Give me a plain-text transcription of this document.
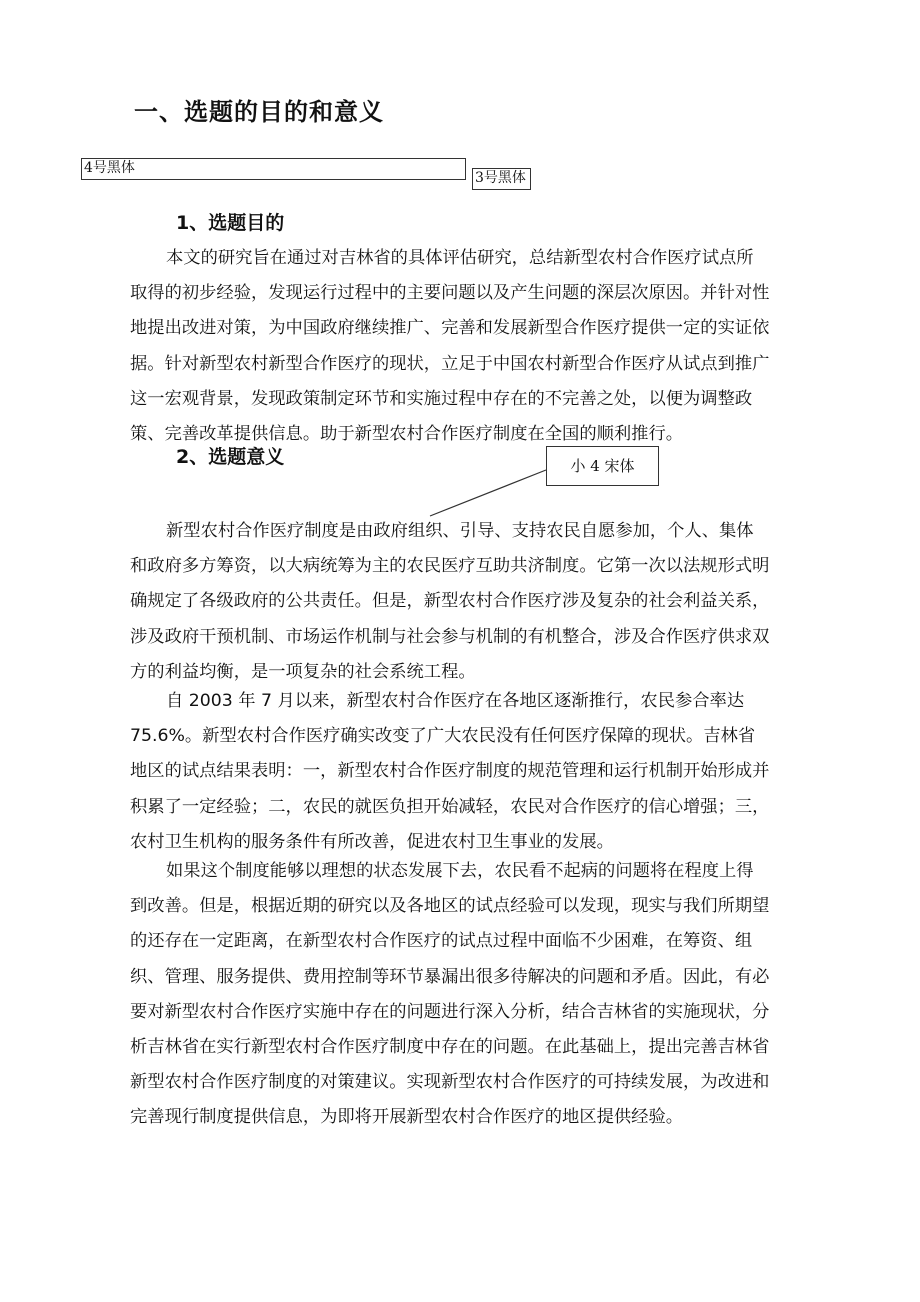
一、选题的目的和意义
4号黑体
3号黑体
1、选题目的

本文的研究旨在通过对吉林省的具体评估研究，总结新型农村合作医疗试点所取得的初步经验，发现运行过程中的主要问题以及产生问题的深层次原因。并针对性地提出改进对策，为中国政府继续推广、完善和发展新型合作医疗提供一定的实证依据。针对新型农村新型合作医疗的现状，立足于中国农村新型合作医疗从试点到推广这一宏观背景，发现政策制定环节和实施过程中存在的不完善之处，以便为调整政策、完善改革提供信息。助于新型农村合作医疗制度在全国的顺利推行。

2、选题意义	小 4 宋体

新型农村合作医疗制度是由政府组织、引导、支持农民自愿参加，个人、集体和政府多方筹资，以大病统筹为主的农民医疗互助共济制度。它第一次以法规形式明确规定了各级政府的公共责任。但是，新型农村合作医疗涉及复杂的社会利益关系，涉及政府干预机制、市场运作机制与社会参与机制的有机整合，涉及合作医疗供求双方的利益均衡，是一项复杂的社会系统工程。

自 2003 年 7 月以来，新型农村合作医疗在各地区逐渐推行，农民参合率达 75.6%。新型农村合作医疗确实改变了广大农民没有任何医疗保障的现状。吉林省地区的试点结果表明：一，新型农村合作医疗制度的规范管理和运行机制开始形成并积累了一定经验；二，农民的就医负担开始减轻，农民对合作医疗的信心增强；三，农村卫生机构的服务条件有所改善，促进农村卫生事业的发展。

如果这个制度能够以理想的状态发展下去，农民看不起病的问题将在程度上得到改善。但是，根据近期的研究以及各地区的试点经验可以发现，现实与我们所期望的还存在一定距离，在新型农村合作医疗的试点过程中面临不少困难，在筹资、组织、管理、服务提供、费用控制等环节暴漏出很多待解决的问题和矛盾。因此，有必要对新型农村合作医疗实施中存在的问题进行深入分析，结合吉林省的实施现状，分析吉林省在实行新型农村合作医疗制度中存在的问题。在此基础上，提出完善吉林省新型农村合作医疗制度的对策建议。实现新型农村合作医疗的可持续发展，为改进和完善现行制度提供信息，为即将开展新型农村合作医疗的地区提供经验。
